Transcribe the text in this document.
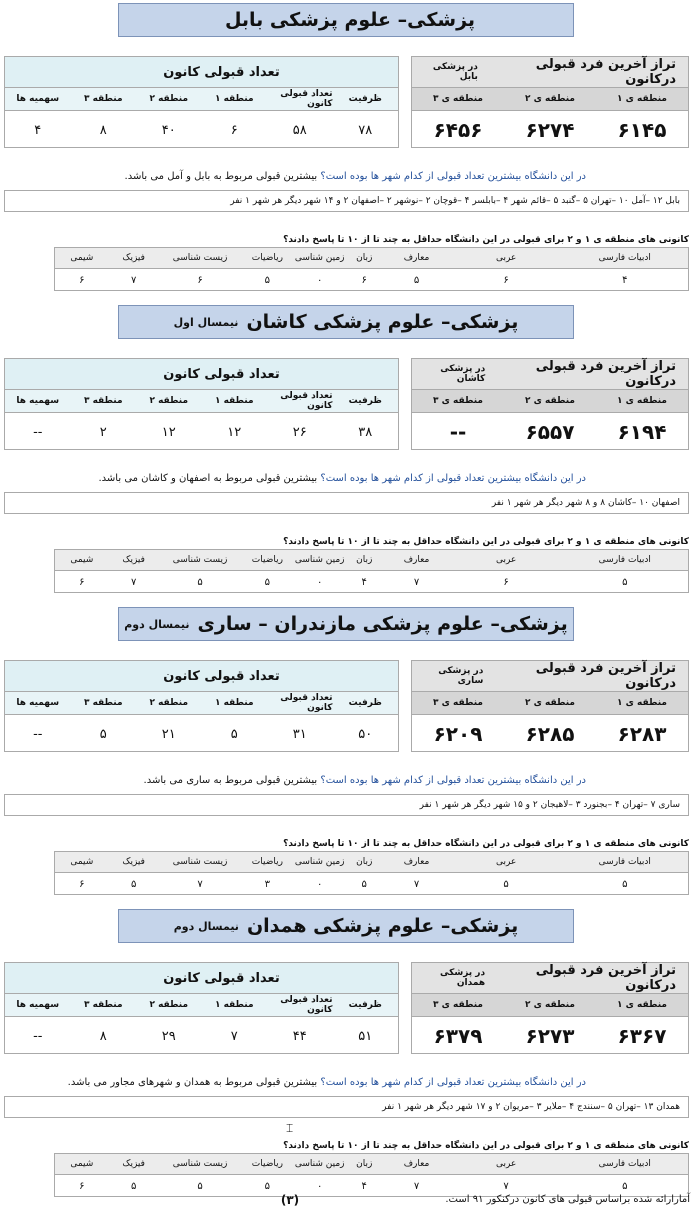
پزشکی– علوم پزشکی بابل
تراز آخرین فرد قبولی درکانون
در پزشکی بابل
منطقه ی ۱
منطقه ی ۲
منطقه ی ۳
۶۱۴۵
۶۲۷۴
۶۴۵۶
تعداد قبولی کانون
ظرفیت
تعداد قبولی کانون
منطقه ۱
منطقه ۲
منطقه ۳
سهمیه ها
۷۸
۵۸
۶
۴۰
۸
۴
در این دانشگاه بیشترین تعداد قبولی از کدام شهر ها بوده است؟ بیشترین قبولی مربوط به بابل و آمل می باشد.
بابل ۱۲ –آمل ۱۰ –تهران ۵ –گنبد ۵ –قائم شهر ۴ –بابلسر ۴ –قوچان ۲ –نوشهر ۲ –اصفهان ۲ و ۱۴ شهر دیگر هر شهر ۱ نفر
کانونی های منطقه ی ۱ و ۲ برای قبولی در این دانشگاه حداقل به چند تا از ۱۰ تا پاسخ دادند؟
ادبیات فارسی
عربی
معارف
زبان
زمین شناسی
ریاضیات
زیست شناسی
فیزیک
شیمی
۴
۶
۵
۶
۰
۵
۶
۷
۶
پزشکی– علوم پزشکی کاشان
نیمسال اول
تراز آخرین فرد قبولی درکانون
در پزشکی کاشان
منطقه ی ۱
منطقه ی ۲
منطقه ی ۳
۶۱۹۴
۶۵۵۷
--
تعداد قبولی کانون
ظرفیت
تعداد قبولی کانون
منطقه ۱
منطقه ۲
منطقه ۳
سهمیه ها
۳۸
۲۶
۱۲
۱۲
۲
--
در این دانشگاه بیشترین تعداد قبولی از کدام شهر ها بوده است؟ بیشترین قبولی مربوط به اصفهان و کاشان می باشد.
اصفهان ۱۰ –کاشان ۸ و ۸ شهر دیگر هر شهر ۱ نفر
کانونی های منطقه ی ۱ و ۲ برای قبولی در این دانشگاه حداقل به چند تا از ۱۰ تا پاسخ دادند؟
ادبیات فارسی
عربی
معارف
زبان
زمین شناسی
ریاضیات
زیست شناسی
فیزیک
شیمی
۵
۶
۷
۴
۰
۵
۵
۷
۶
پزشکی– علوم پزشکی مازندران – ساری
نیمسال دوم
تراز آخرین فرد قبولی درکانون
در پزشکی ساری
منطقه ی ۱
منطقه ی ۲
منطقه ی ۳
۶۲۸۳
۶۲۸۵
۶۲۰۹
تعداد قبولی کانون
ظرفیت
تعداد قبولی کانون
منطقه ۱
منطقه ۲
منطقه ۳
سهمیه ها
۵۰
۳۱
۵
۲۱
۵
--
در این دانشگاه بیشترین تعداد قبولی از کدام شهر ها بوده است؟ بیشترین قبولی مربوط به ساری می باشد.
ساری ۷ –تهران ۴ –بجنورد ۳ –لاهیجان ۲ و ۱۵ شهر دیگر هر شهر ۱ نفر
کانونی های منطقه ی ۱ و ۲ برای قبولی در این دانشگاه حداقل به چند تا از ۱۰ تا پاسخ دادند؟
ادبیات فارسی
عربی
معارف
زبان
زمین شناسی
ریاضیات
زیست شناسی
فیزیک
شیمی
۵
۵
۷
۵
۰
۳
۷
۵
۶
پزشکی– علوم پزشکی همدان
نیمسال دوم
تراز آخرین فرد قبولی درکانون
در پزشکی همدان
منطقه ی ۱
منطقه ی ۲
منطقه ی ۳
۶۳۶۷
۶۲۷۳
۶۳۷۹
تعداد قبولی کانون
ظرفیت
تعداد قبولی کانون
منطقه ۱
منطقه ۲
منطقه ۳
سهمیه ها
۵۱
۴۴
۷
۲۹
۸
--
در این دانشگاه بیشترین تعداد قبولی از کدام شهر ها بوده است؟ بیشترین قبولی مربوط به همدان و شهرهای مجاور می باشد.
همدان ۱۳ –تهران ۵ –سنندج ۴ –ملایر ۳ –مریوان ۲ و ۱۷ شهر دیگر هر شهر ۱ نفر
کانونی های منطقه ی ۱ و ۲ برای قبولی در این دانشگاه حداقل به چند تا از ۱۰ تا پاسخ دادند؟
ادبیات فارسی
عربی
معارف
زبان
زمین شناسی
ریاضیات
زیست شناسی
فیزیک
شیمی
۵
۷
۷
۴
۰
۵
۵
۵
۶
(۳)	آمارارائه شده براساس قبولی های کانون درکنکور ۹۱ است.
⌶
